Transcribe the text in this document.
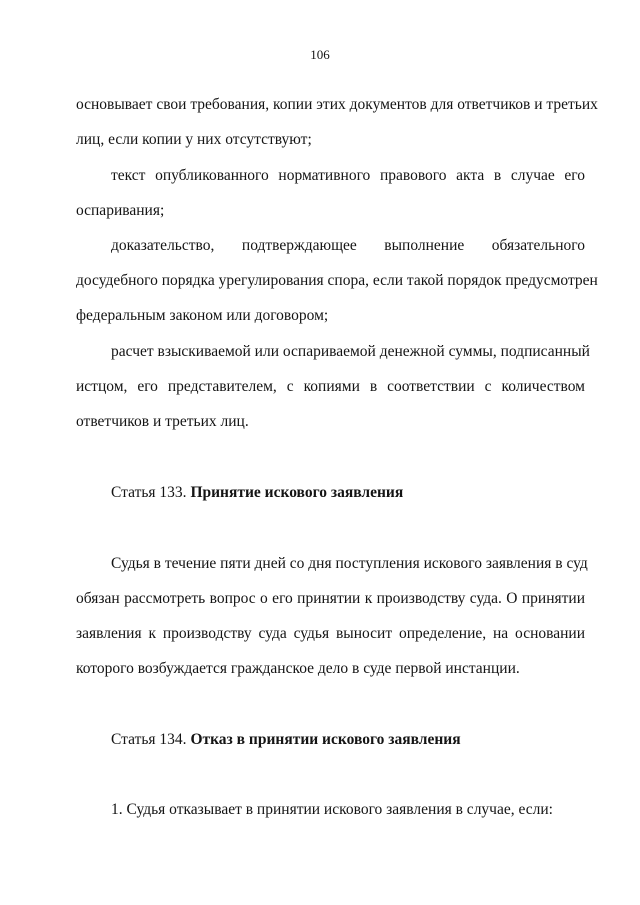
106
основывает свои требования, копии этих документов для ответчиков и третьих
лиц, если копии у них отсутствуют;
текст опубликованного нормативного правового акта в случае его
оспаривания;
доказательство, подтверждающее выполнение обязательного
досудебного порядка урегулирования спора, если такой порядок предусмотрен
федеральным законом или договором;
расчет взыскиваемой или оспариваемой денежной суммы, подписанный
истцом, его представителем, с копиями в соответствии с количеством
ответчиков и третьих лиц.
Статья 133. Принятие искового заявления
Судья в течение пяти дней со дня поступления искового заявления в суд
обязан рассмотреть вопрос о его принятии к производству суда. О принятии
заявления к производству суда судья выносит определение, на основании
которого возбуждается гражданское дело в суде первой инстанции.
Статья 134. Отказ в принятии искового заявления
1. Судья отказывает в принятии искового заявления в случае, если:
